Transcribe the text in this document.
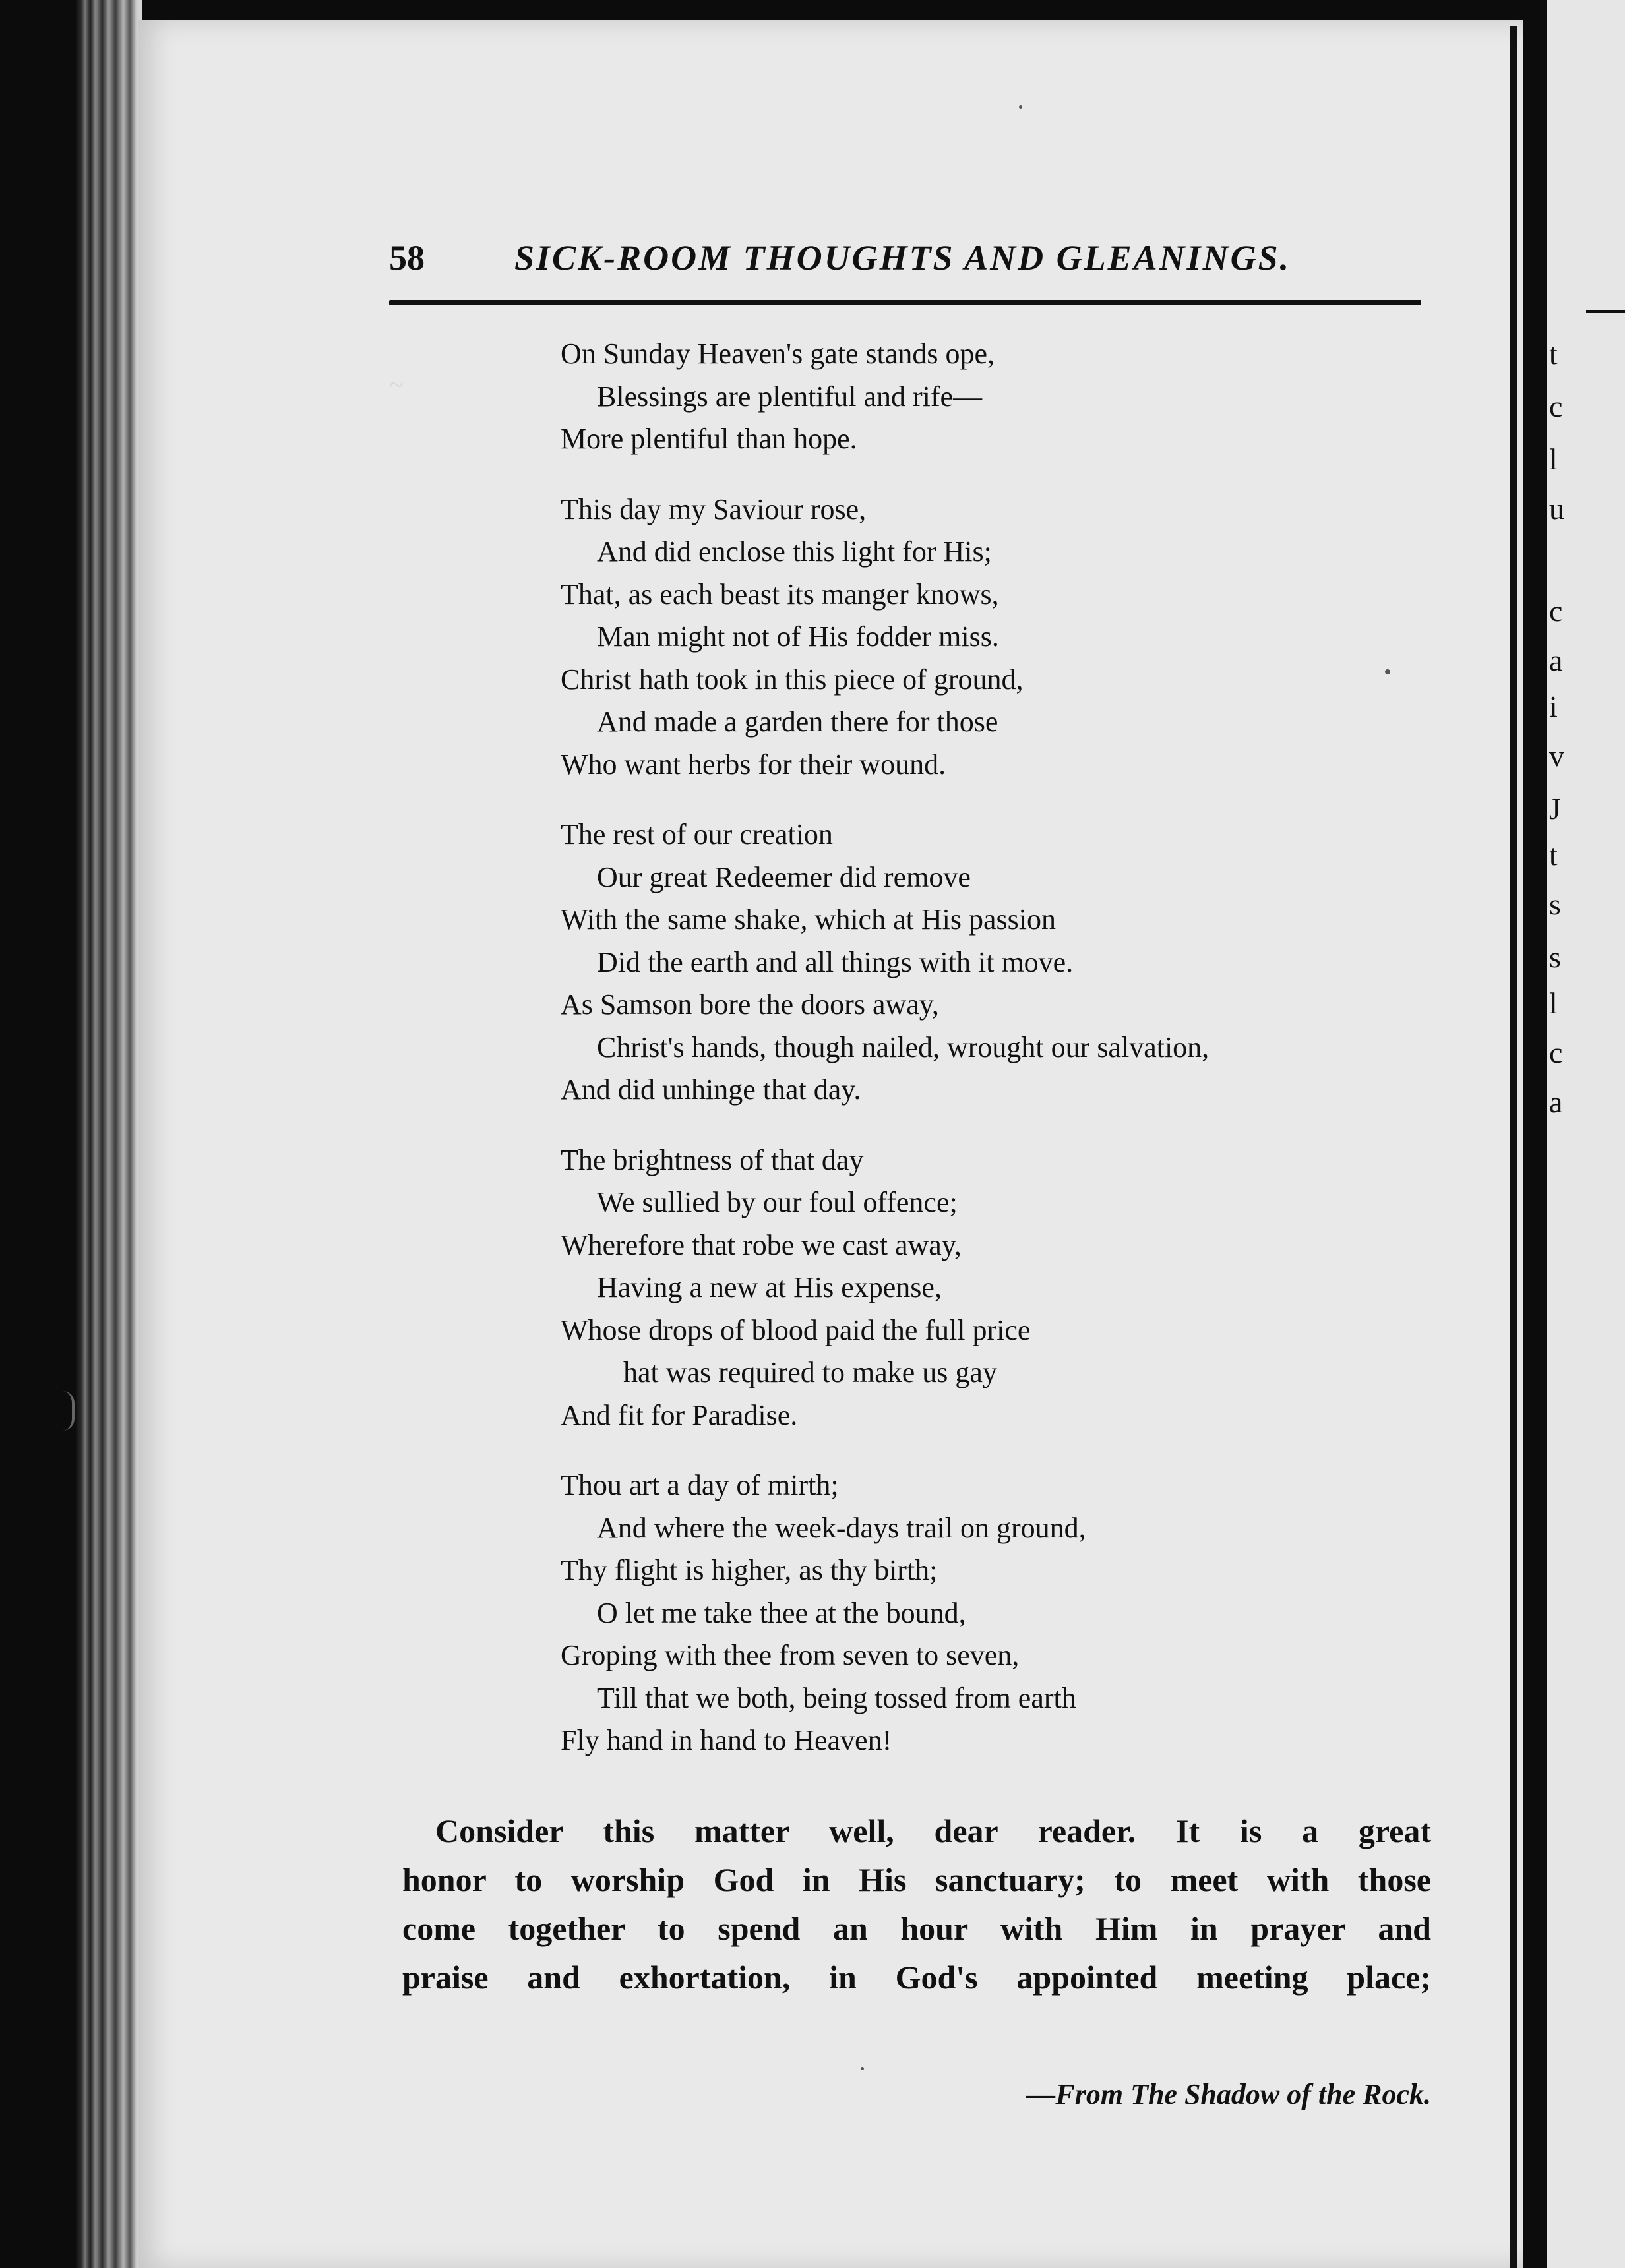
~
58	SICK-ROOM THOUGHTS AND GLEANINGS.
On Sunday Heaven's gate stands ope,
Blessings are plentiful and rife—
More plentiful than hope.
This day my Saviour rose,
And did enclose this light for His;
That, as each beast its manger knows,
Man might not of His fodder miss.
Christ hath took in this piece of ground,
And made a garden there for those
Who want herbs for their wound.
The rest of our creation
Our great Redeemer did remove
With the same shake, which at His passion
Did the earth and all things with it move.
As Samson bore the doors away,
Christ's hands, though nailed, wrought our salvation,
And did unhinge that day.
The brightness of that day
We sullied by our foul offence;
Wherefore that robe we cast away,
Having a new at His expense,
Whose drops of blood paid the full price
hat was required to make us gay
And fit for Paradise.
Thou art a day of mirth;
And where the week-days trail on ground,
Thy flight is higher, as thy birth;
O let me take thee at the bound,
Groping with thee from seven to seven,
Till that we both, being tossed from earth
Fly hand in hand to Heaven!
—From The Shadow of the Rock.
Consider this matter well, dear reader. It is a great
honor to worship God in His sanctuary; to meet with those
come together to spend an hour with Him in prayer and
praise and exhortation, in God's appointed meeting place;
t
c
l
u
c
a
i
v
J
t
s
s
l
c
a
